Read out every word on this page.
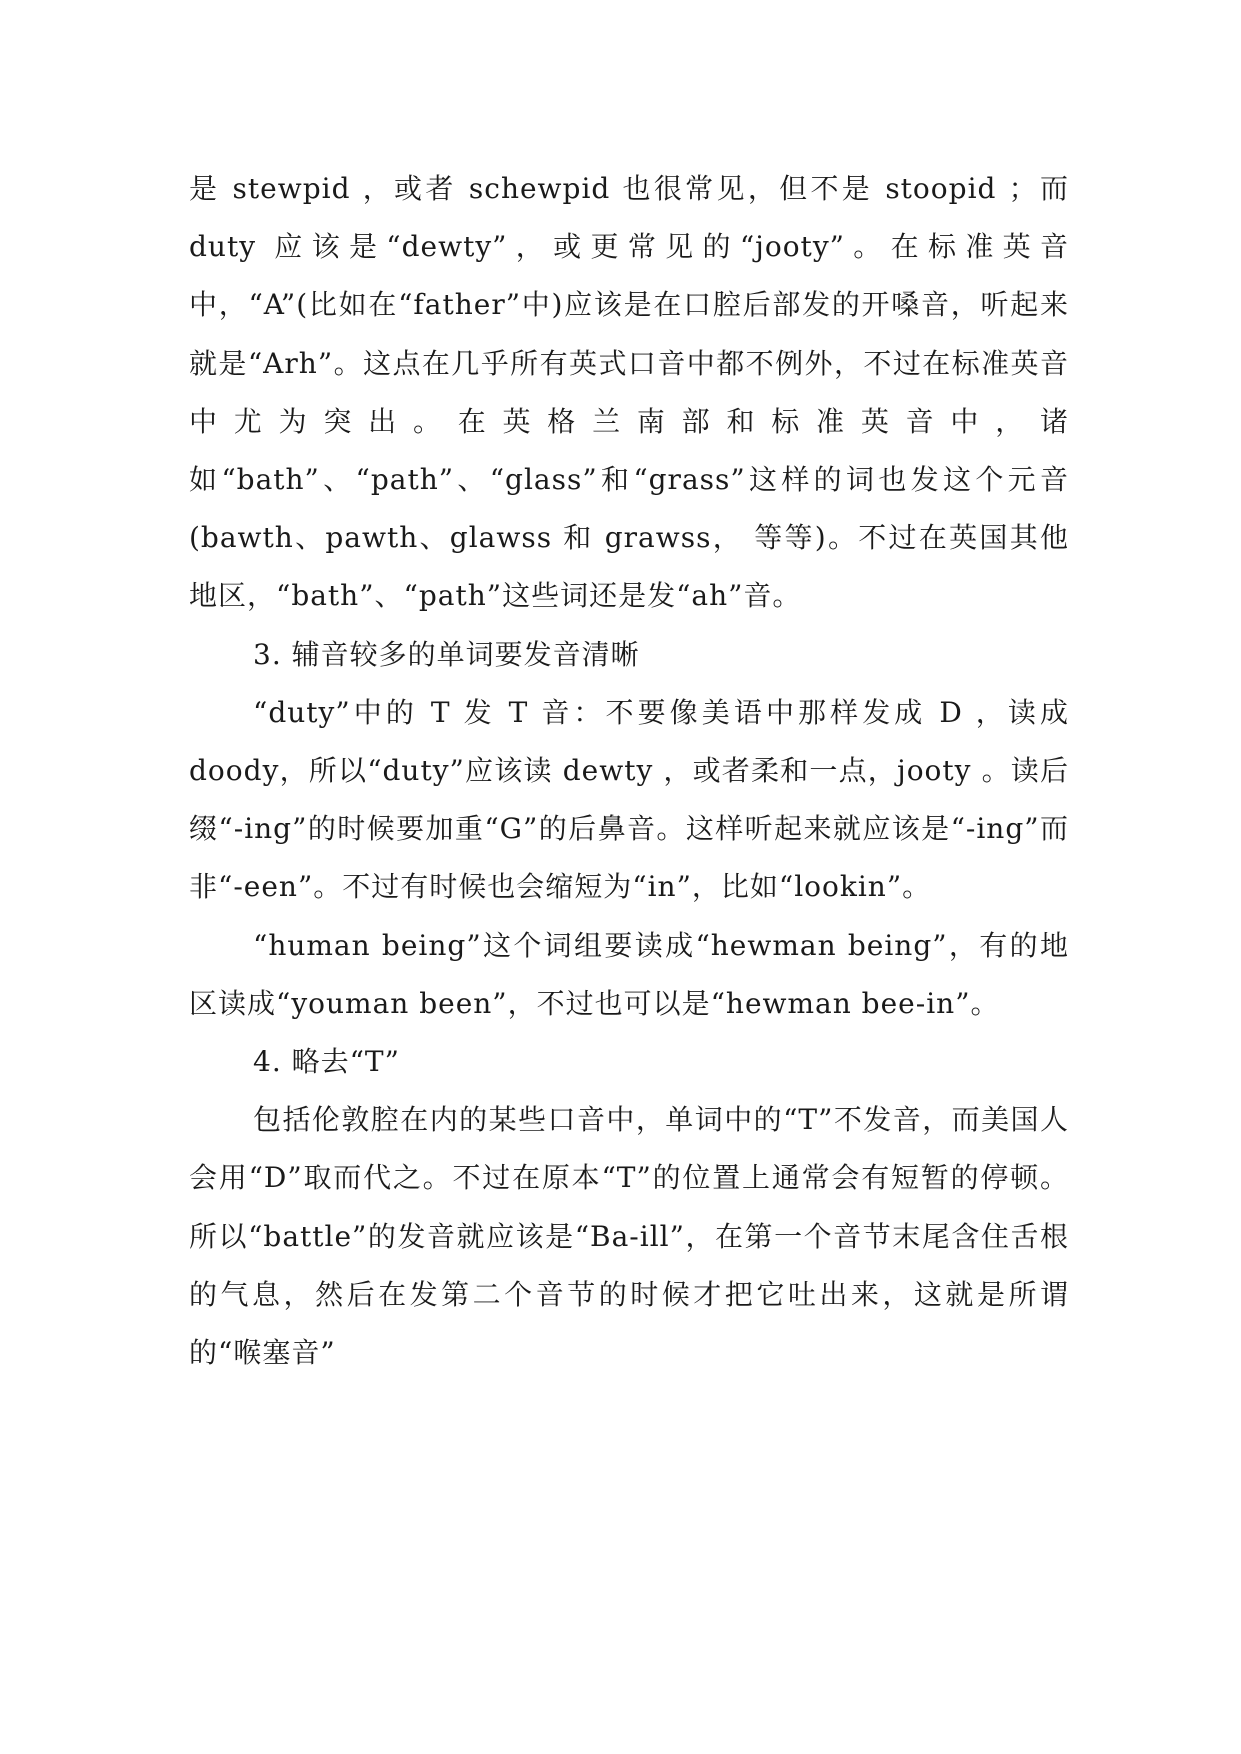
是 stewpid ，或者 schewpid 也很常见，但不是 stoopid ；而 duty 应该是“dewty”，或更常见的“jooty”。在标准英音中，“A”(比如在“father”中)应该是在口腔后部发的开嗓音，听起来就是“Arh”。这点在几乎所有英式口音中都不例外，不过在标准英音中尤为突出。在英格兰南部和标准英音中，诸如“bath”、“path”、“glass”和“grass”这样的词也发这个元音(bawth、pawth、glawss 和 grawss， 等等)。不过在英国其他地区，“bath”、“path”这些词还是发“ah”音。

3. 辅音较多的单词要发音清晰

“duty”中的 T 发 T 音：不要像美语中那样发成 D ，读成 doody，所以“duty”应该读 dewty ，或者柔和一点，jooty 。读后缀“-ing”的时候要加重“G”的后鼻音。这样听起来就应该是“-ing”而非“-een”。不过有时候也会缩短为“in”，比如“lookin”。

“human being”这个词组要读成“hewman being”，有的地区读成“youman been”，不过也可以是“hewman bee-in”。

4. 略去“T”

包括伦敦腔在内的某些口音中，单词中的“T”不发音，而美国人会用“D”取而代之。不过在原本“T”的位置上通常会有短暂的停顿。所以“battle”的发音就应该是“Ba-ill”，在第一个音节末尾含住舌根的气息，然后在发第二个音节的时候才把它吐出来，这就是所谓的“喉塞音”
